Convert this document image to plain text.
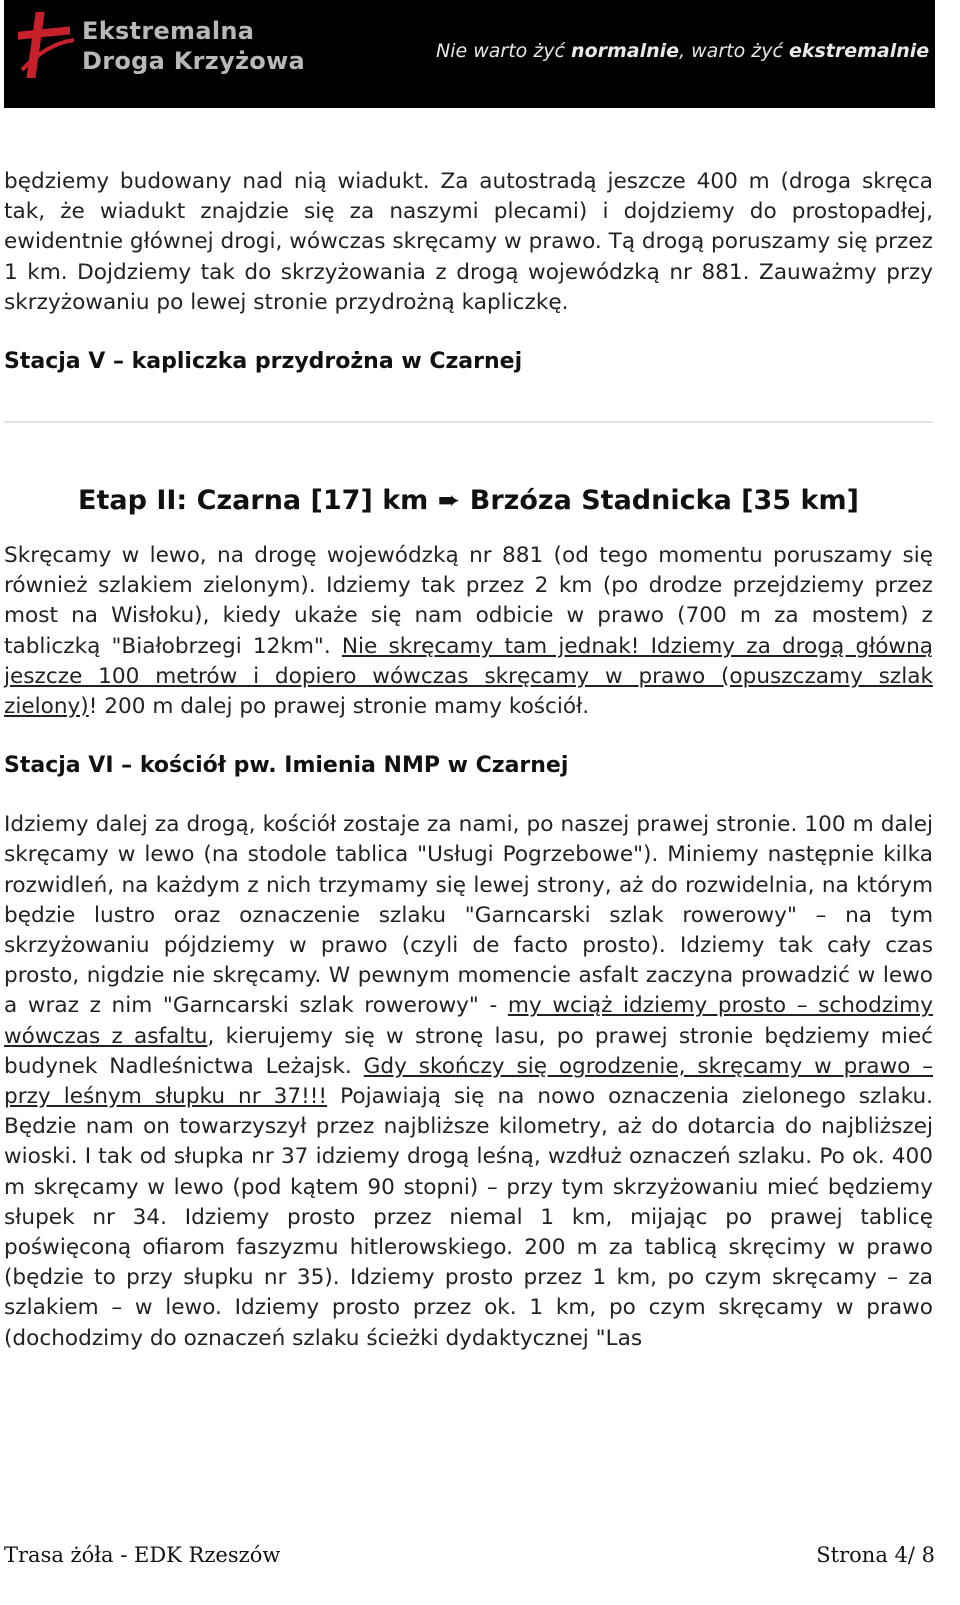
Ekstremalna
Droga Krzyżowa	Nie warto żyć normalnie, warto żyć ekstremalnie

będziemy budowany nad nią wiadukt. Za autostradą jeszcze 400 m (droga skręca tak, że wiadukt znajdzie się za naszymi plecami) i dojdziemy do prostopadłej, ewidentnie głównej drogi, wówczas skręcamy w prawo. Tą drogą poruszamy się przez 1 km. Dojdziemy tak do skrzyżowania z drogą wojewódzką nr 881. Zauważmy przy skrzyżowaniu po lewej stronie przydrożną kapliczkę.

Stacja V – kapliczka przydrożna w Czarnej
Etap II: Czarna [17] km ➨ Brzóza Stadnicka [35 km]

Skręcamy w lewo, na drogę wojewódzką nr 881 (od tego momentu poruszamy się również szlakiem zielonym). Idziemy tak przez 2 km (po drodze przejdziemy przez most na Wisłoku), kiedy ukaże się nam odbicie w prawo (700 m za mostem) z tabliczką "Białobrzegi 12km". Nie skręcamy tam jednak! Idziemy za drogą główną jeszcze 100 metrów i dopiero wówczas skręcamy w prawo (opuszczamy szlak zielony)! 200 m dalej po prawej stronie mamy kościół.

Stacja VI – kościół pw. Imienia NMP w Czarnej

Idziemy dalej za drogą, kościół zostaje za nami, po naszej prawej stronie. 100 m dalej skręcamy w lewo (na stodole tablica "Usługi Pogrzebowe"). Miniemy następnie kilka rozwidleń, na każdym z nich trzymamy się lewej strony, aż do rozwidelnia, na którym będzie lustro oraz oznaczenie szlaku "Garncarski szlak rowerowy" – na tym skrzyżowaniu pójdziemy w prawo (czyli de facto prosto). Idziemy tak cały czas prosto, nigdzie nie skręcamy. W pewnym momencie asfalt zaczyna prowadzić w lewo a wraz z nim "Garncarski szlak rowerowy" - my wciąż idziemy prosto – schodzimy wówczas z asfaltu, kierujemy się w stronę lasu, po prawej stronie będziemy mieć budynek Nadleśnictwa Leżajsk. Gdy skończy się ogrodzenie, skręcamy w prawo – przy leśnym słupku nr 37!!! Pojawiają się na nowo oznaczenia zielonego szlaku. Będzie nam on towarzyszył przez najbliższe kilometry, aż do dotarcia do najbliższej wioski. I tak od słupka nr 37 idziemy drogą leśną, wzdłuż oznaczeń szlaku. Po ok. 400 m skręcamy w lewo (pod kątem 90 stopni) – przy tym skrzyżowaniu mieć będziemy słupek nr 34. Idziemy prosto przez niemal 1 km, mijając po prawej tablicę poświęconą ofiarom faszyzmu hitlerowskiego. 200 m za tablicą skręcimy w prawo (będzie to przy słupku nr 35). Idziemy prosto przez 1 km, po czym skręcamy – za szlakiem – w lewo. Idziemy prosto przez ok. 1 km, po czym skręcamy w prawo (dochodzimy do oznaczeń szlaku ścieżki dydaktycznej "Las

Trasa żóła - EDK Rzeszów	Strona 4/ 8
